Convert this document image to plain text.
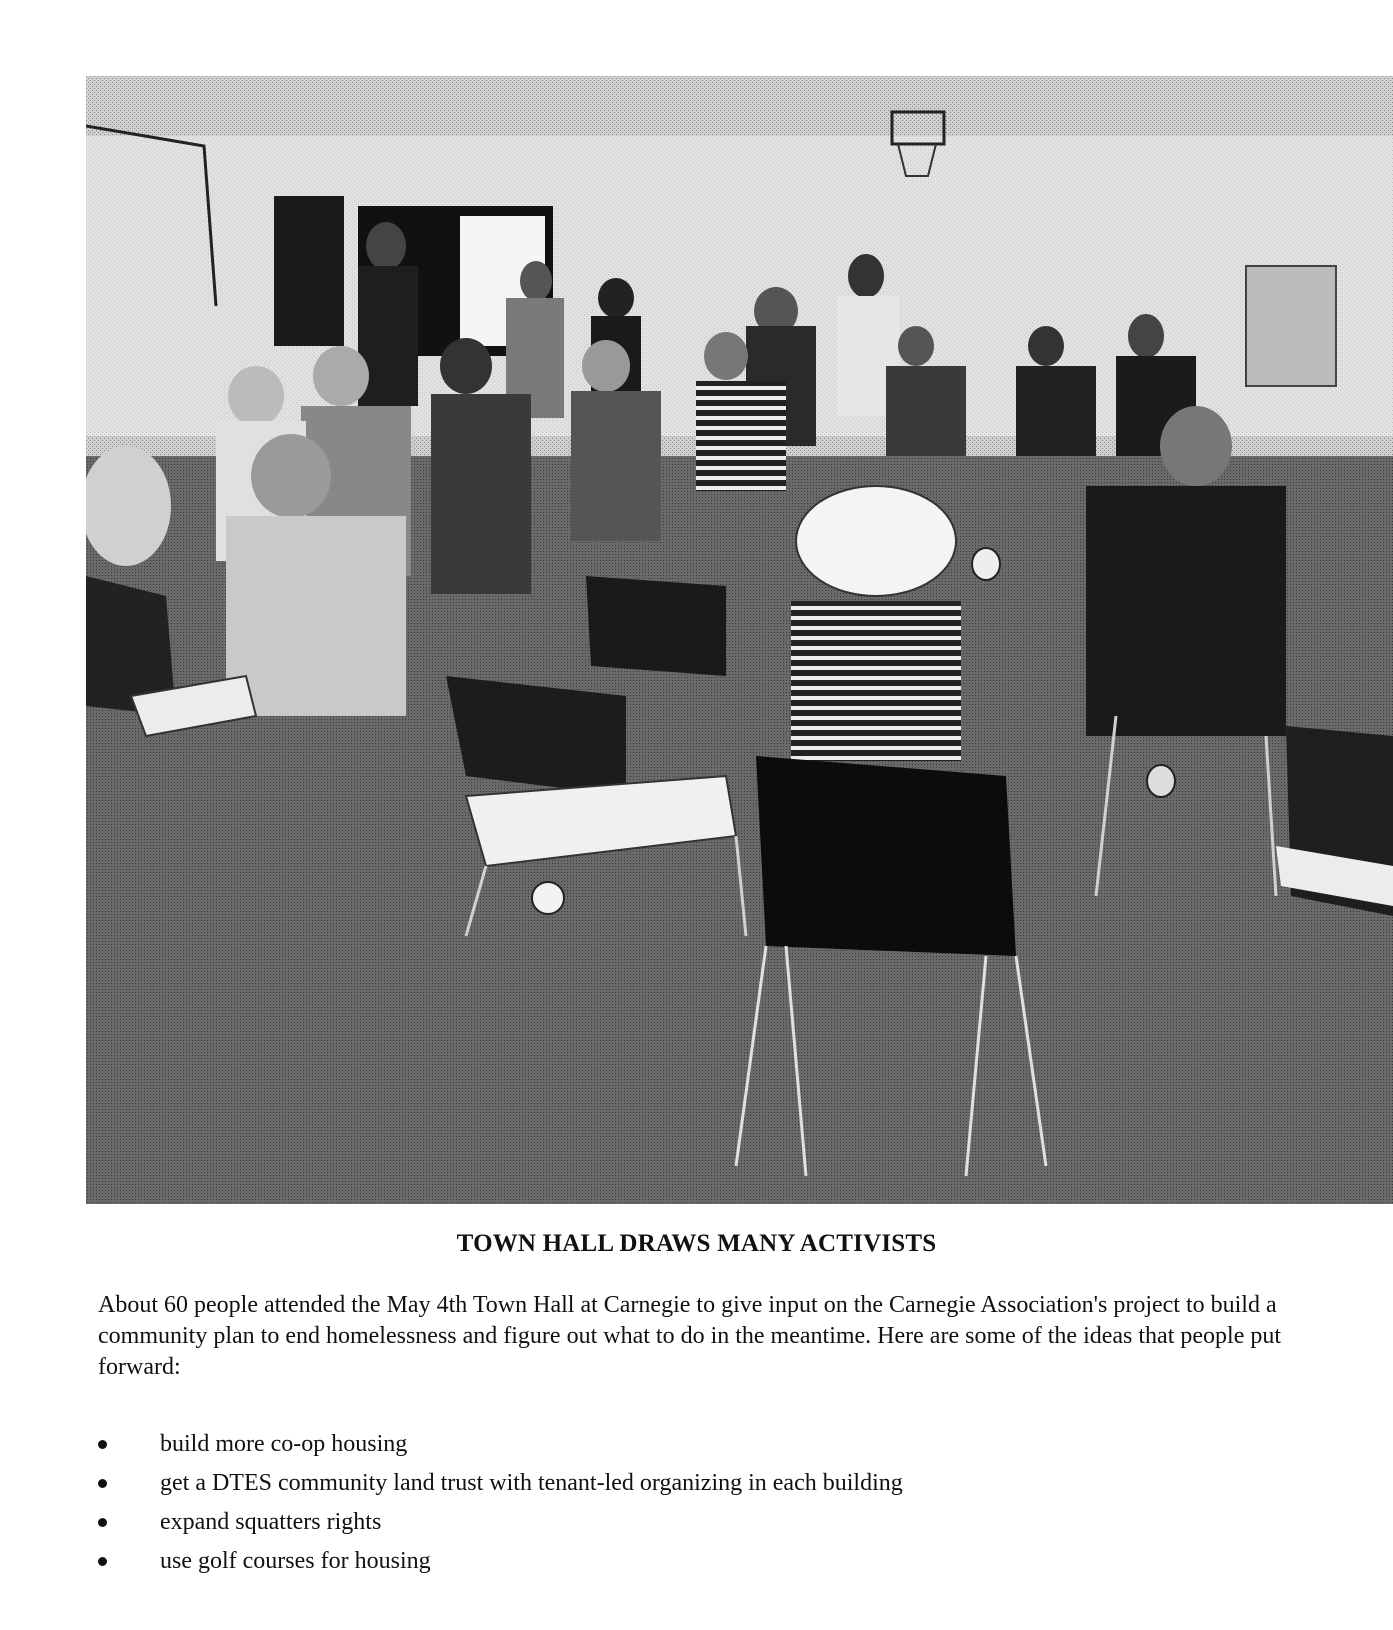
TOWN HALL DRAWS MANY ACTIVISTS
About 60 people attended the May 4th Town Hall at Carnegie to give input on the Carnegie Association's project to build a community plan to end homelessness and figure out what to do in the meantime. Here are some of the ideas that people put forward:
build more co-op housing
get a DTES community land trust with tenant-led organizing in each building
expand squatters rights
use golf courses for housing
